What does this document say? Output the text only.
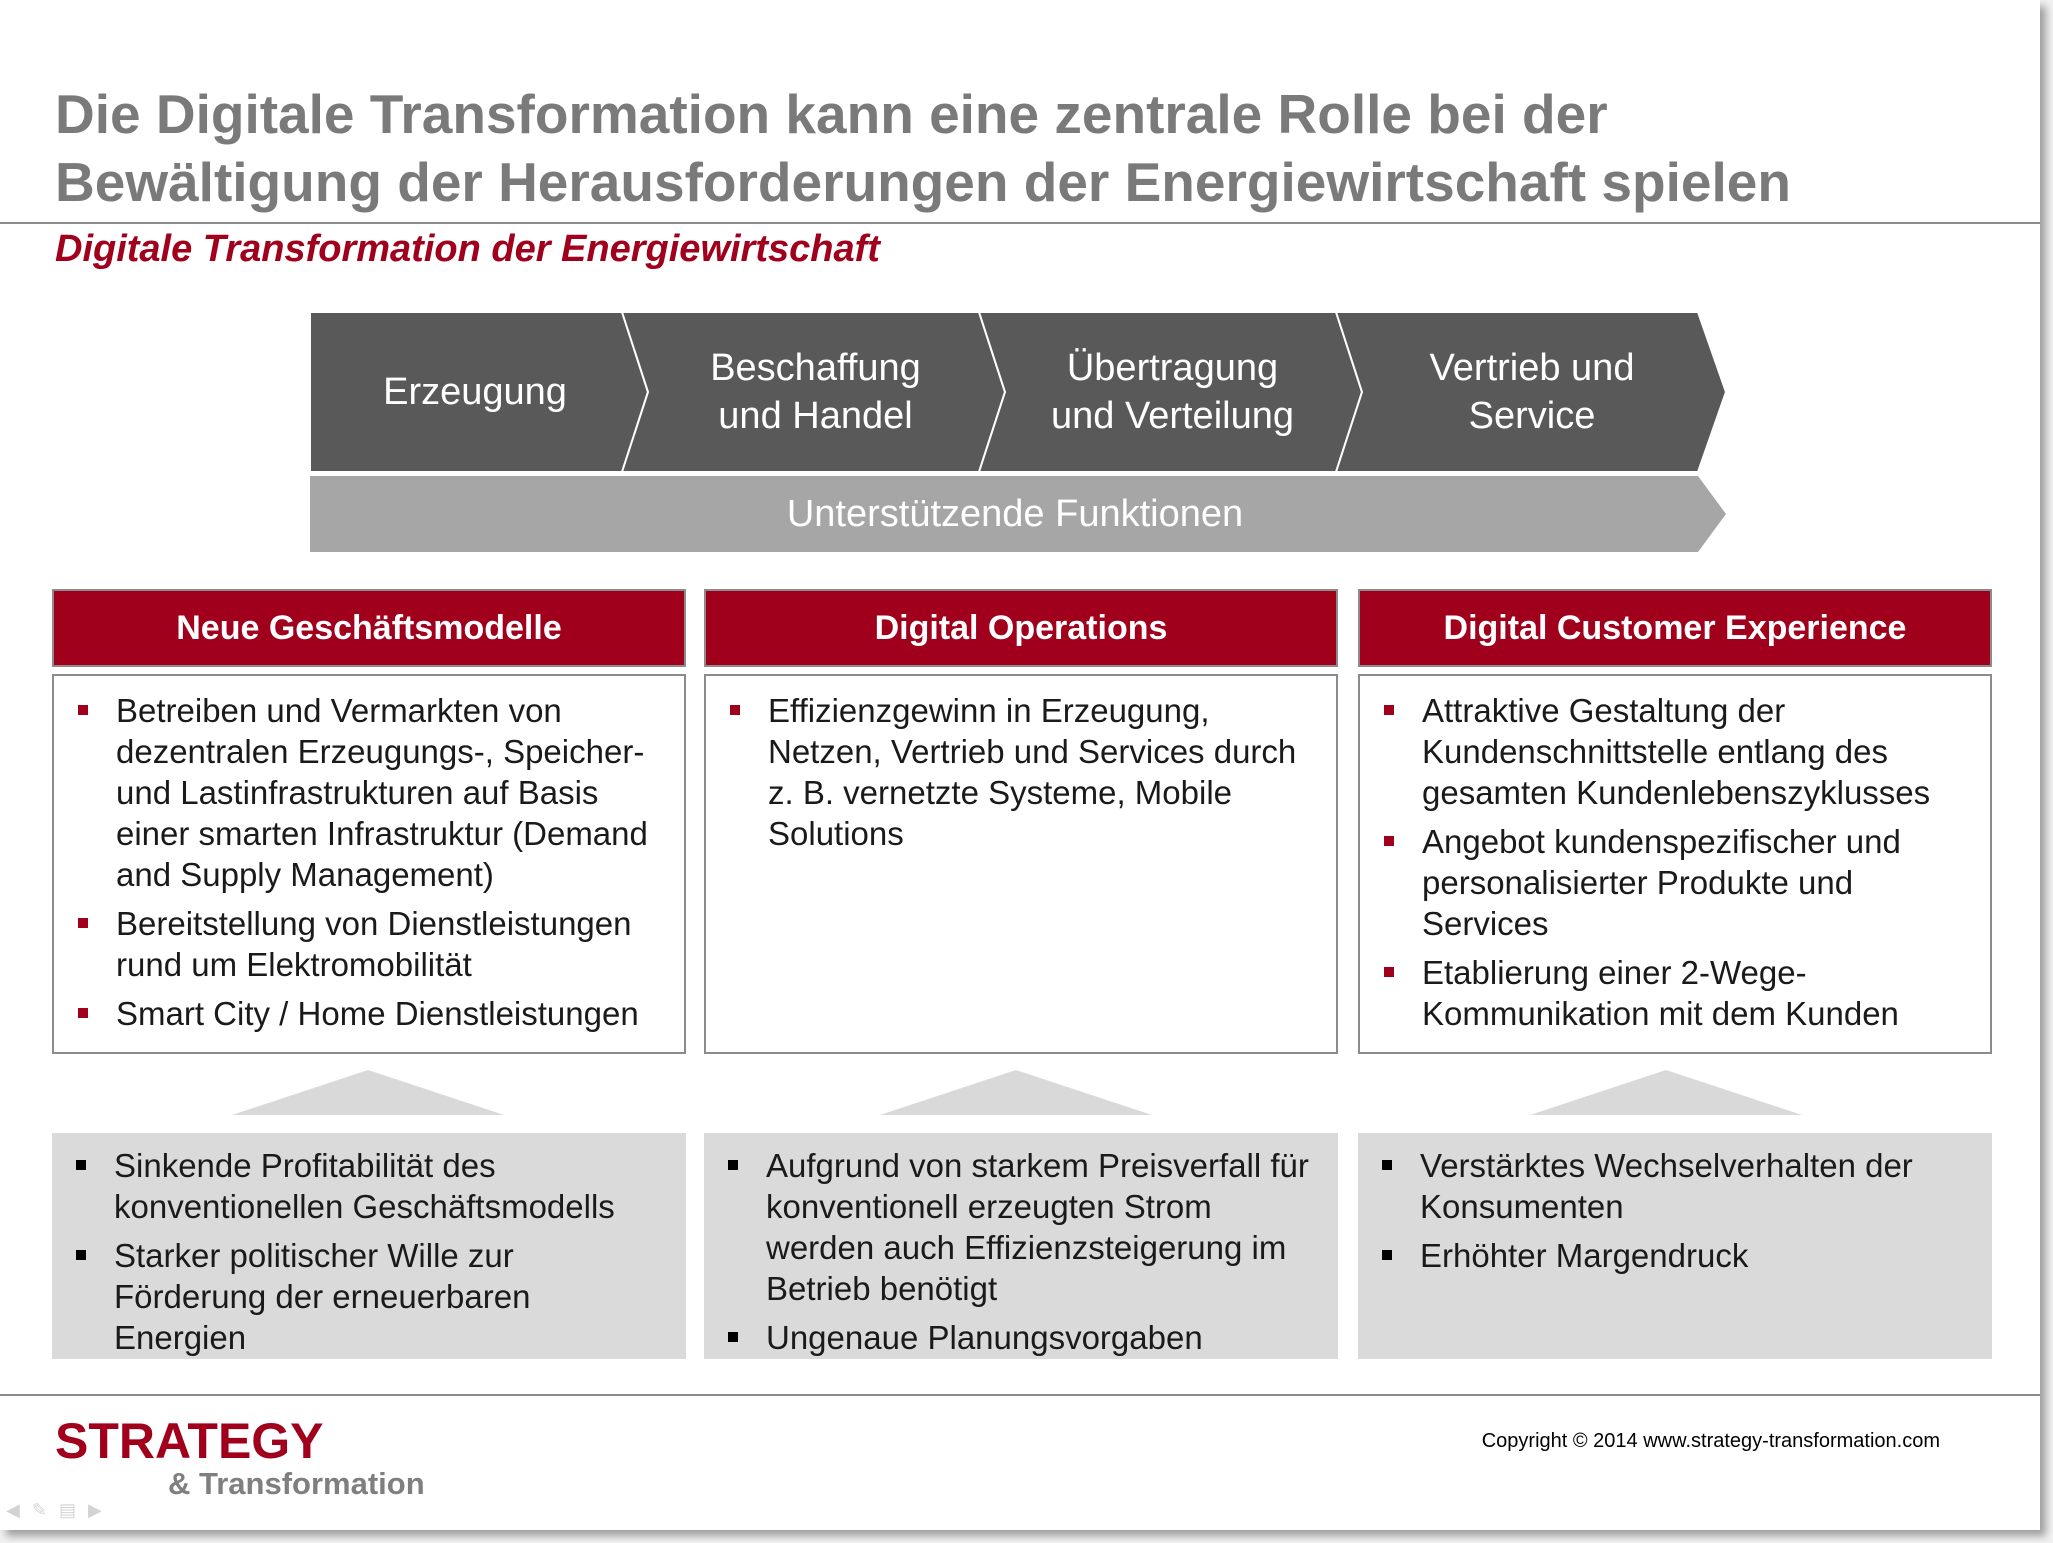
Die Digitale Transformation kann eine zentrale Rolle bei der
Bewältigung der Herausforderungen der Energiewirtschaft spielen
Digitale Transformation der Energiewirtschaft
Erzeugung
Beschaffung
und Handel
Übertragung
und Verteilung
Vertrieb und
Service
Unterstützende Funktionen
Neue Geschäftsmodelle
Betreiben und Vermarkten von dezentralen Erzeugungs-, Speicher- und Lastinfrastrukturen auf Basis einer smarten Infrastruktur (Demand and Supply Management)
Bereitstellung von Dienstleistungen rund um Elektromobilität
Smart City / Home Dienstleistungen
Sinkende Profitabilität des konventionellen Geschäftsmodells
Starker politischer Wille zur Förderung der erneuerbaren Energien
Digital Operations
Effizienzgewinn in Erzeugung, Netzen, Vertrieb und Services durch z. B. vernetzte Systeme, Mobile Solutions
Aufgrund von starkem Preisverfall für konventionell erzeugten Strom werden auch Effizienzsteigerung im Betrieb benötigt
Ungenaue Planungsvorgaben
Digital Customer Experience
Attraktive Gestaltung der Kundenschnittstelle entlang des gesamten Kundenlebenszyklusses
Angebot kundenspezifischer und personalisierter Produkte und Services
Etablierung einer 2-Wege-Kommunikation mit dem Kunden
Verstärktes Wechselverhalten der Konsumenten
Erhöhter Margendruck
STRATEGY
& Transformation
Copyright © 2014 www.strategy-transformation.com
◀ ✎ ▤ ▶
